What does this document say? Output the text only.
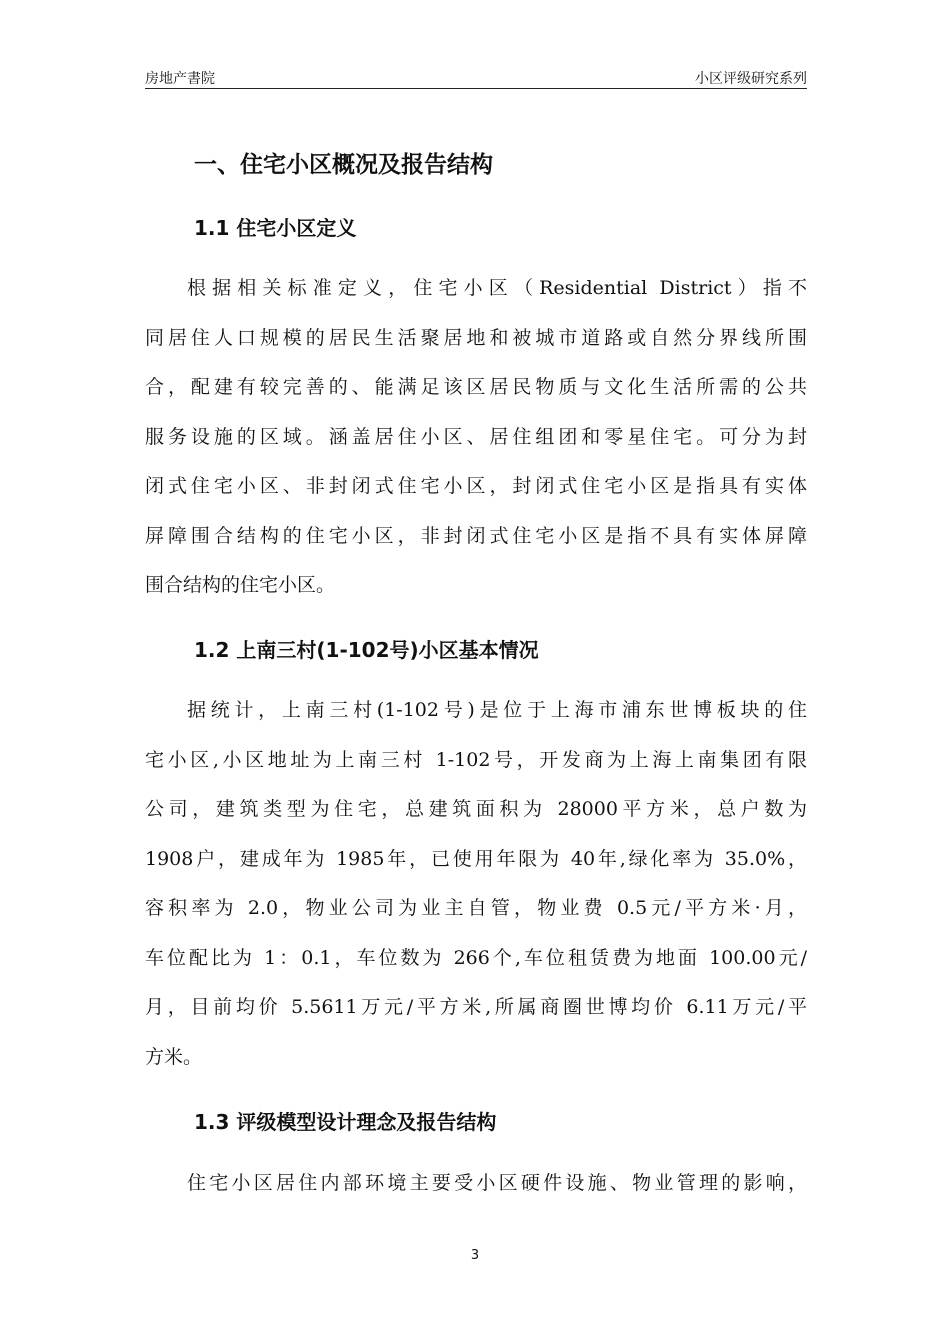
房地产書院	小区评级研究系列
一、住宅小区概况及报告结构
1.1 住宅小区定义
根据相关标准定义，住宅小区（Residential District）指不
同居住人口规模的居民生活聚居地和被城市道路或自然分界线所围
合，配建有较完善的、能满足该区居民物质与文化生活所需的公共
服务设施的区域。涵盖居住小区、居住组团和零星住宅。可分为封
闭式住宅小区、非封闭式住宅小区，封闭式住宅小区是指具有实体
屏障围合结构的住宅小区，非封闭式住宅小区是指不具有实体屏障
围合结构的住宅小区。
1.2 上南三村(1-102号)小区基本情况
据统计，上南三村(1-102号)是位于上海市浦东世博板块的住
宅小区,小区地址为上南三村 1-102号，开发商为上海上南集团有限
公司，建筑类型为住宅，总建筑面积为 28000平方米，总户数为
1908户，建成年为 1985年，已使用年限为 40年,绿化率为 35.0%，
容积率为 2.0，物业公司为业主自管，物业费 0.5元/平方米·月，
车位配比为 1：0.1，车位数为 266个,车位租赁费为地面 100.00元/
月，目前均价 5.5611万元/平方米,所属商圈世博均价 6.11万元/平
方米。
1.3 评级模型设计理念及报告结构
住宅小区居住内部环境主要受小区硬件设施、物业管理的影响，
3
